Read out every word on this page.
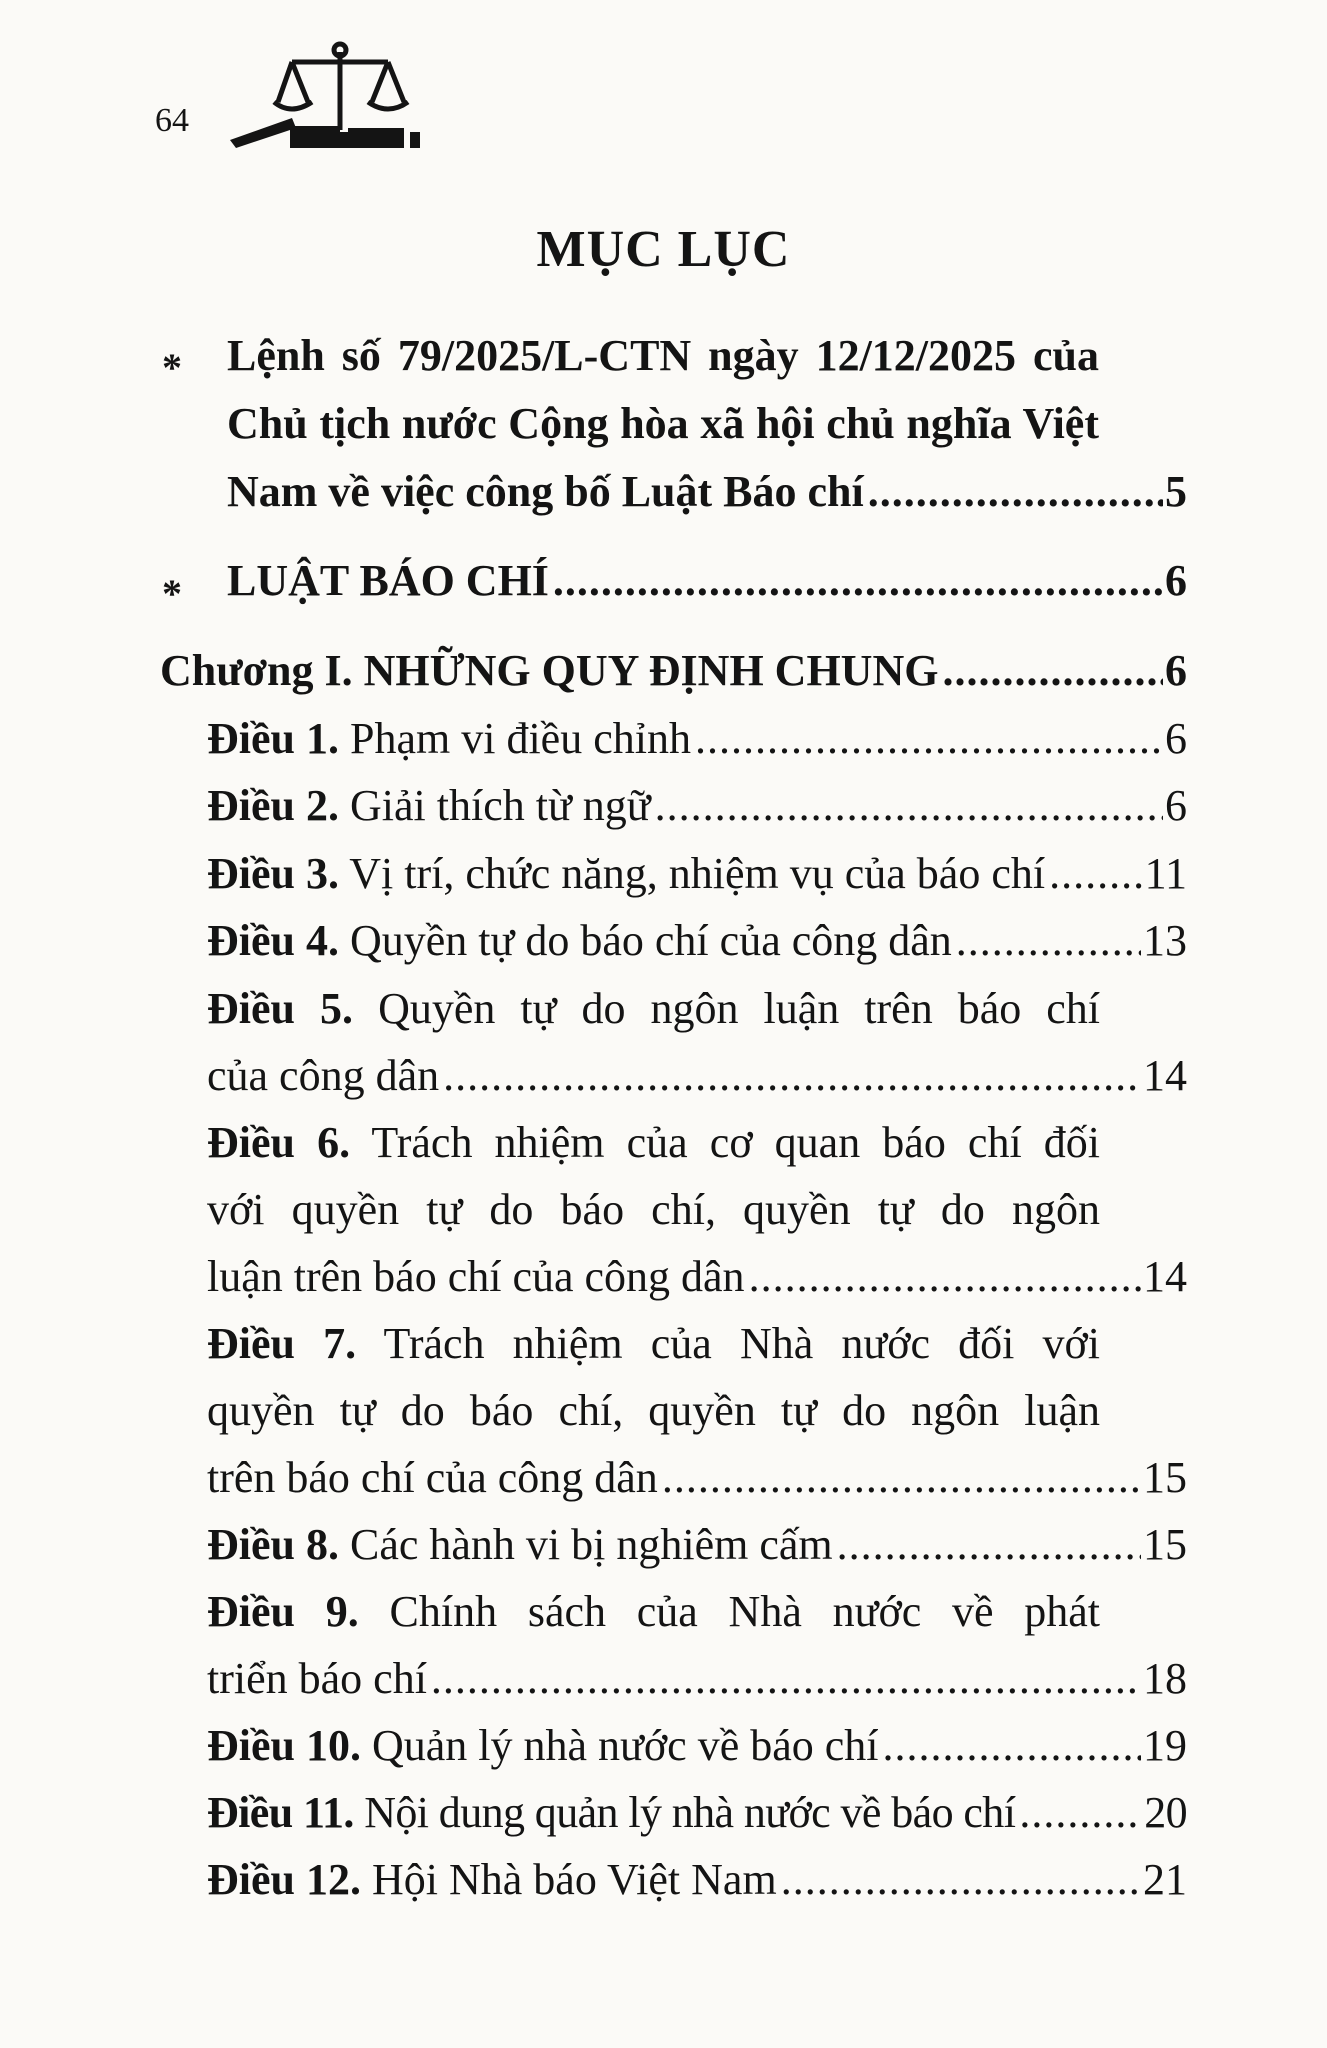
64
MỤC LỤC
* Lệnh số 79/2025/L-CTN ngày 12/12/2025 của
Chủ tịch nước Cộng hòa xã hội chủ nghĩa Việt
Nam về việc công bố Luật Báo chí .....	5
* LUẬT BÁO CHÍ .....	6
Chương I. NHỮNG QUY ĐỊNH CHUNG .....	6
Điều 1. Phạm vi điều chỉnh .....	6
Điều 2. Giải thích từ ngữ .....	6
Điều 3. Vị trí, chức năng, nhiệm vụ của báo chí .....	11
Điều 4. Quyền tự do báo chí của công dân .....	13
Điều 5. Quyền tự do ngôn luận trên báo chí
của công dân .....	14
Điều 6. Trách nhiệm của cơ quan báo chí đối
với quyền tự do báo chí, quyền tự do ngôn
luận trên báo chí của công dân .....	14
Điều 7. Trách nhiệm của Nhà nước đối với
quyền tự do báo chí, quyền tự do ngôn luận
trên báo chí của công dân .....	15
Điều 8. Các hành vi bị nghiêm cấm .....	15
Điều 9. Chính sách của Nhà nước về phát
triển báo chí .....	18
Điều 10. Quản lý nhà nước về báo chí .....	19
Điều 11. Nội dung quản lý nhà nước về báo chí .....	20
Điều 12. Hội Nhà báo Việt Nam .....	21
